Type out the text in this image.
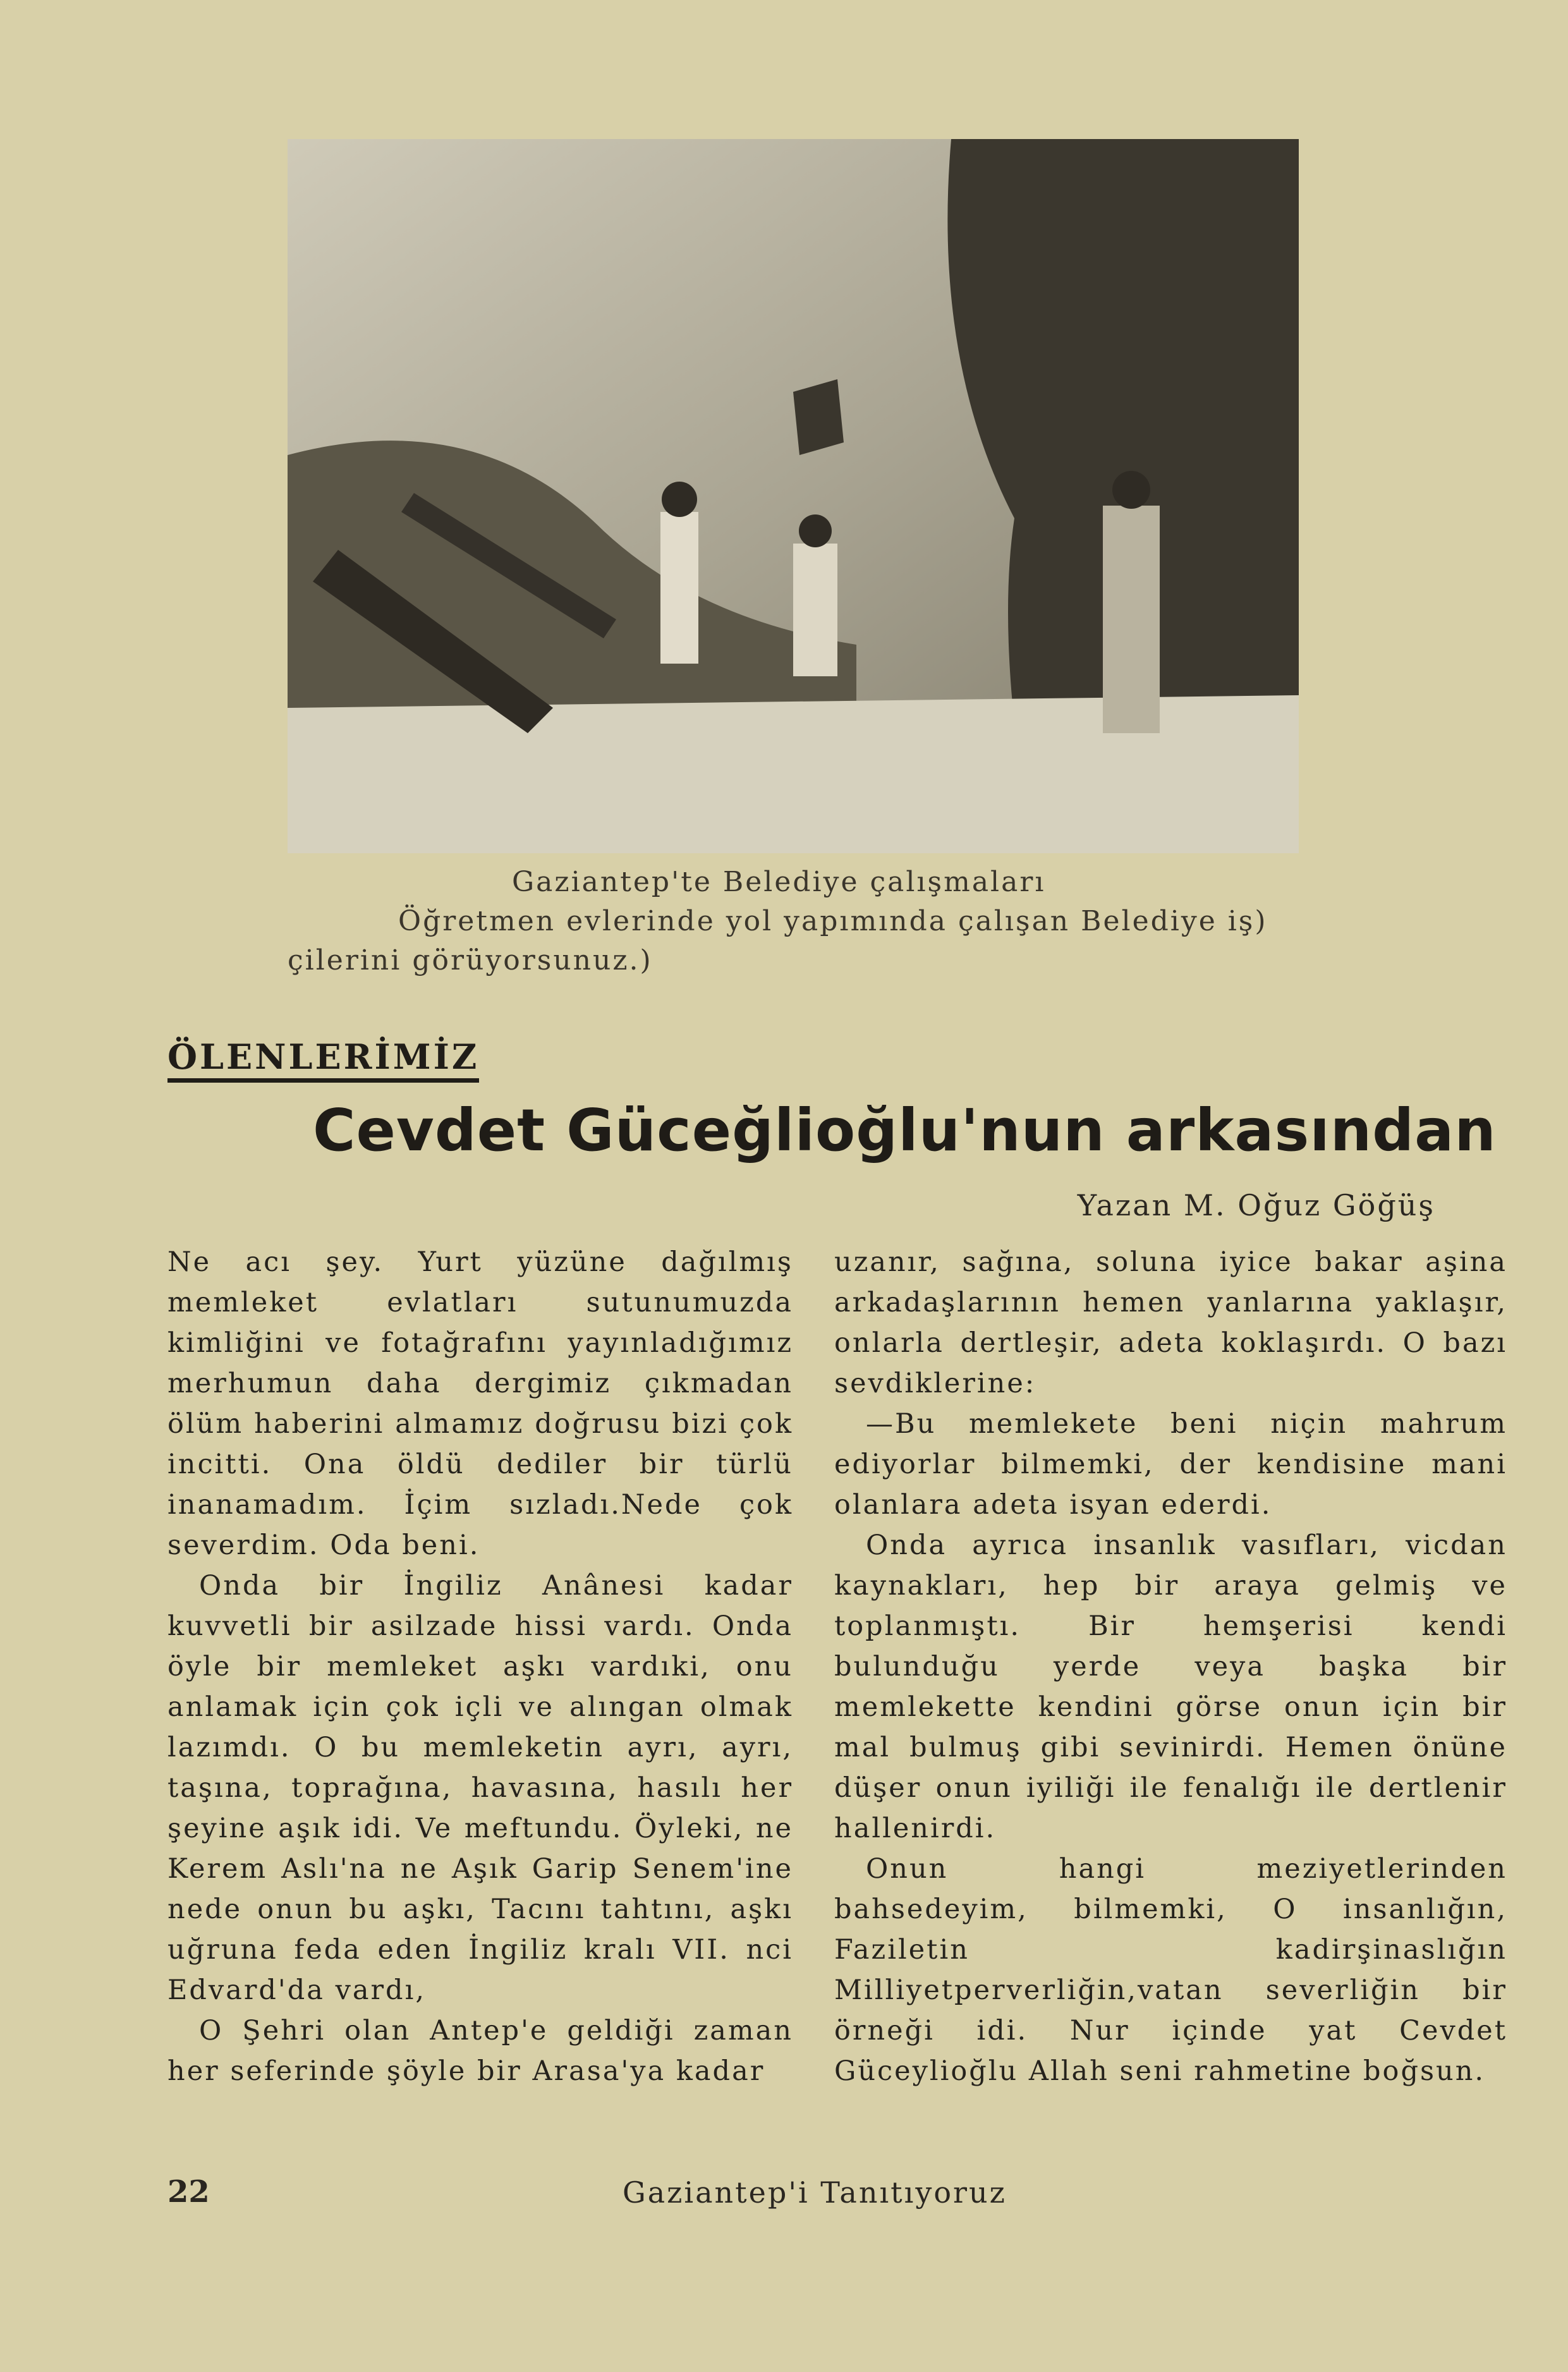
Gaziantep'te Belediye çalışmaları
Öğretmen evlerinde yol yapımında çalışan Belediye iş)
çilerini görüyorsunuz.)
ÖLENLERİMİZ
Cevdet Güceğlioğlu'nun arkasından
Yazan M. Oğuz Göğüş

Ne acı şey. Yurt yüzüne dağılmış memleket evlatları sutunumuzda kimliğini ve fotağrafını yayınladığımız merhumun daha dergimiz çıkmadan ölüm haberini almamız doğrusu bizi çok incitti. Ona öldü dediler bir türlü inanamadım. İçim sızladı.Nede çok severdim. Oda beni.

Onda bir İngiliz Anânesi kadar kuvvetli bir asilzade hissi vardı. Onda öyle bir memleket aşkı vardıki, onu anlamak için çok içli ve alıngan olmak lazımdı. O bu memleketin ayrı, ayrı, taşına, toprağına, havasına, hasılı her şeyine aşık idi. Ve meftundu. Öyleki, ne Kerem Aslı'na ne Aşık Garip Senem'ine nede onun bu aşkı, Tacını tahtını, aşkı uğruna feda eden İngiliz kralı VII. nci Edvard'da vardı,

O Şehri olan Antep'e geldiği zaman her seferinde şöyle bir Arasa'ya kadar

uzanır, sağına, soluna iyice bakar aşina arkadaşlarının hemen yanlarına yaklaşır, onlarla dertleşir, adeta koklaşırdı. O bazı sevdiklerine:

—Bu memlekete beni niçin mahrum ediyorlar bilmemki, der kendisine mani olanlara adeta isyan ederdi.

Onda ayrıca insanlık vasıfları, vicdan kaynakları, hep bir araya gelmiş ve toplanmıştı. Bir hemşerisi kendi bulunduğu yerde veya başka bir memlekette kendini görse onun için bir mal bulmuş gibi sevinirdi. Hemen önüne düşer onun iyiliği ile fenalığı ile dertlenir hallenirdi.

Onun hangi meziyetlerinden bahsedeyim, bilmemki, O insanlığın, Faziletin kadirşinaslığın Milliyetperverliğin,vatan severliğin bir örneği idi. Nur içinde yat Cevdet Güceylioğlu Allah seni rahmetine boğsun.

22	Gaziantep'i Tanıtıyoruz
